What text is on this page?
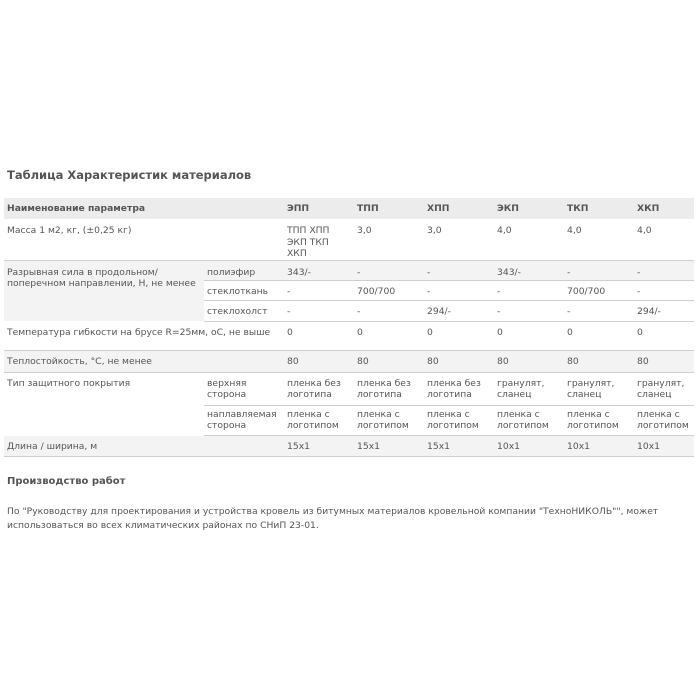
Таблица Характеристик материалов
Наименование параметра		ЭПП	ТПП	ХПП	ЭКП	ТКП	ХКП
Масса 1 м2, кг, (±0,25 кг)		ТПП ХПП ЭКП ТКП ХКП	3,0	3,0	4,0	4,0	4,0
Разрывная сила в продольном/поперечном направлении, Н, не менее	полиэфир	343/-	-	-	343/-	-	-
	стеклоткань	-	700/700	-	-	700/700	-
	стеклохолст	-	-	294/-	-	-	294/-
Температура гибкости на брусе R=25мм, оС, не выше		0	0	0	0	0	0
Теплостойкость, °С, не менее		80	80	80	80	80	80
Тип защитного покрытия	верхняя сторона	пленка без логотипа	пленка без логотипа	пленка без логотипа	гранулят, сланец	гранулят, сланец	гранулят, сланец
	наплавляемая сторона	пленка с логотипом	пленка с логотипом	пленка с логотипом	пленка с логотипом	пленка с логотипом	пленка с логотипом
Длина / ширина, м		15x1	15x1	15x1	10x1	10x1	10x1
Производство работ
По "Руководству для проектирования и устройства кровель из битумных материалов кровельной компании "ТехноНИКОЛЬ"", может использоваться во всех климатических районах по СНиП 23-01.
